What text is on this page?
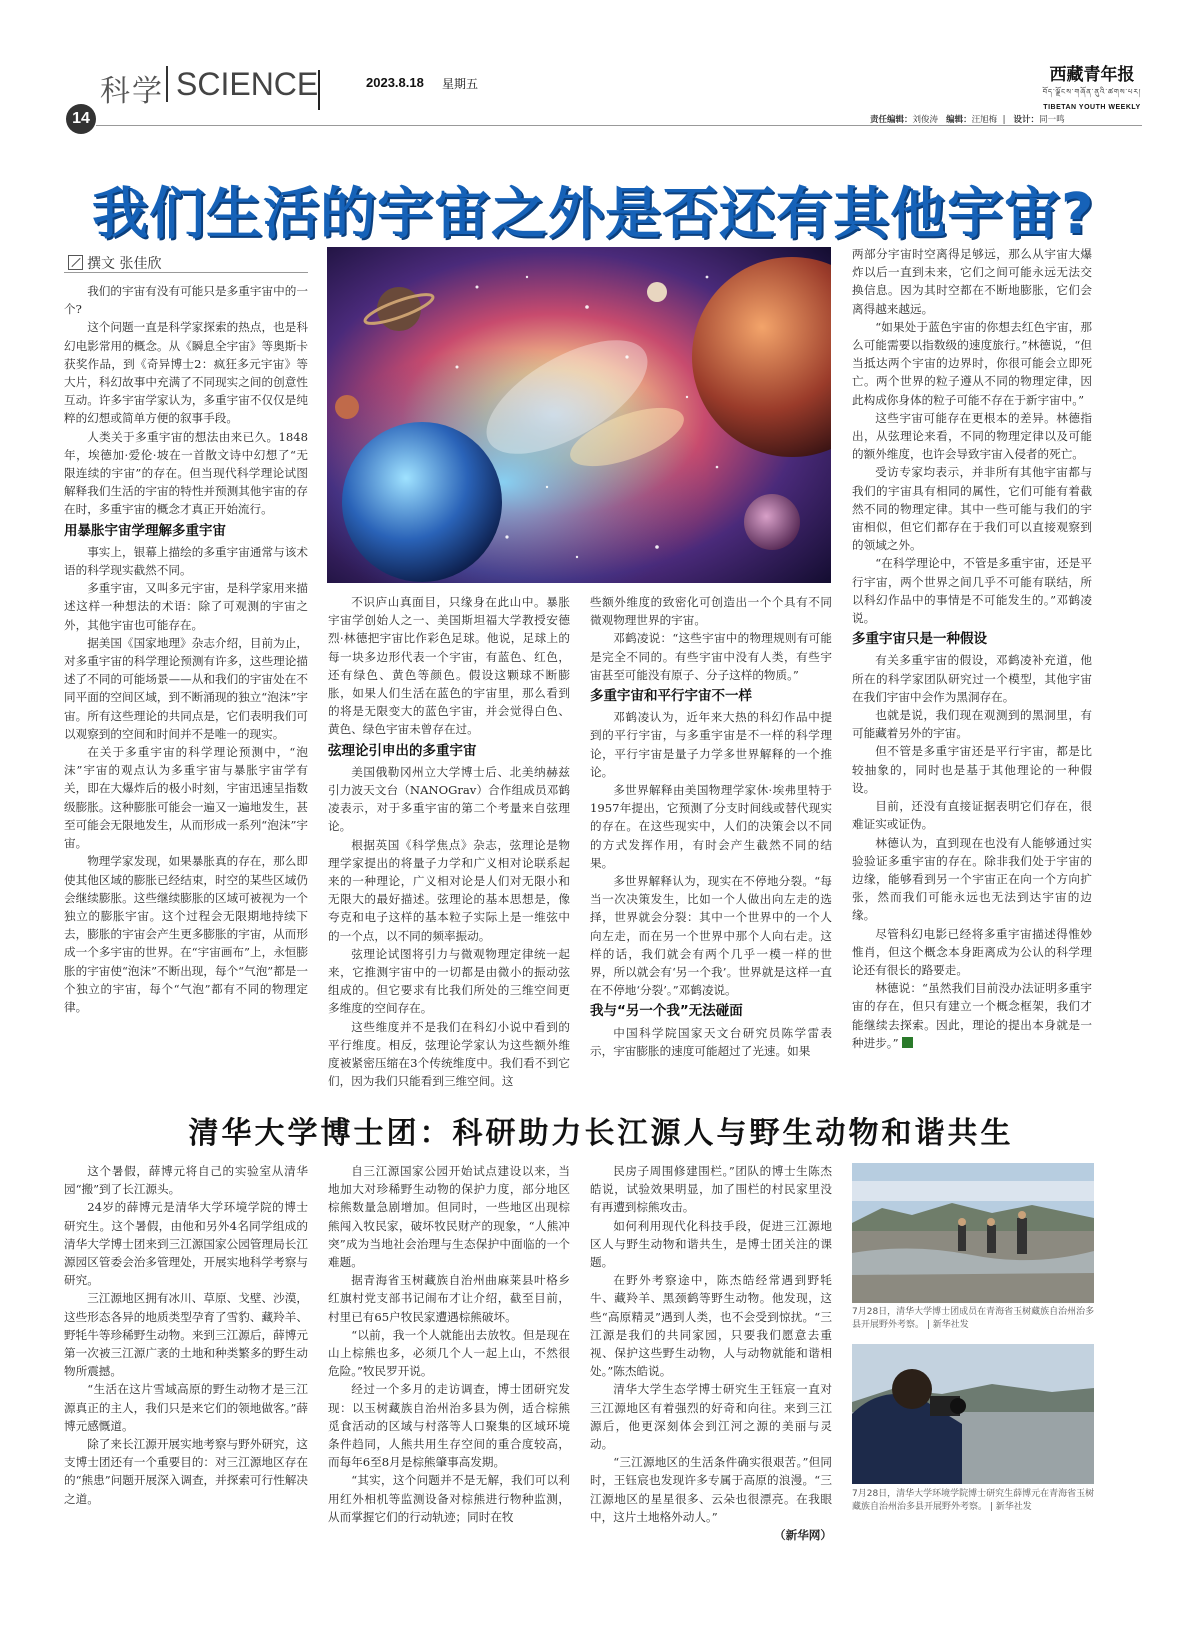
科学 SCIENCE
14
2023.8.18 星期五	西藏青年报
བོད་ལྗོངས་གཞོན་ནུའི་ཚགས་པར།
TIBETAN YOUTH WEEKLY
责任编辑：刘俊涛 编辑：汪旭梅  |   设计：同一鸣
我们生活的宇宙之外是否还有其他宇宙?
撰文 张佳欣

我们的宇宙有没有可能只是多重宇宙中的一个?

这个问题一直是科学家探索的热点，也是科幻电影常用的概念。从《瞬息全宇宙》等奥斯卡获奖作品，到《奇异博士2：疯狂多元宇宙》等大片，科幻故事中充满了不同现实之间的创意性互动。许多宇宙学家认为，多重宇宙不仅仅是纯粹的幻想或简单方便的叙事手段。

人类关于多重宇宙的想法由来已久。1848年，埃德加·爱伦·坡在一首散文诗中幻想了“无限连续的宇宙”的存在。但当现代科学理论试图解释我们生活的宇宙的特性并预测其他宇宙的存在时，多重宇宙的概念才真正开始流行。

用暴胀宇宙学理解多重宇宙

事实上，银幕上描绘的多重宇宙通常与该术语的科学现实截然不同。

多重宇宙，又叫多元宇宙，是科学家用来描述这样一种想法的术语：除了可观测的宇宙之外，其他宇宙也可能存在。

据美国《国家地理》杂志介绍，目前为止，对多重宇宙的科学理论预测有许多，这些理论描述了不同的可能场景——从和我们的宇宙处在不同平面的空间区域，到不断涌现的独立“泡沫”宇宙。所有这些理论的共同点是，它们表明我们可以观察到的空间和时间并不是唯一的现实。

在关于多重宇宙的科学理论预测中，“泡沫”宇宙的观点认为多重宇宙与暴胀宇宙学有关，即在大爆炸后的极小时刻，宇宙迅速呈指数级膨胀。这种膨胀可能会一遍又一遍地发生，甚至可能会无限地发生，从而形成一系列“泡沫”宇宙。

物理学家发现，如果暴胀真的存在，那么即使其他区域的膨胀已经结束，时空的某些区域仍会继续膨胀。这些继续膨胀的区域可被视为一个独立的膨胀宇宙。这个过程会无限期地持续下去，膨胀的宇宙会产生更多膨胀的宇宙，从而形成一个多宇宙的世界。在“宇宙画布”上，永恒膨胀的宇宙使“泡沫”不断出现，每个“气泡”都是一个独立的宇宙，每个“气泡”都有不同的物理定律。

不识庐山真面目，只缘身在此山中。暴胀宇宙学创始人之一、美国斯坦福大学教授安德烈·林德把宇宙比作彩色足球。他说，足球上的每一块多边形代表一个宇宙，有蓝色、红色，还有绿色、黄色等颜色。假设这颗球不断膨胀，如果人们生活在蓝色的宇宙里，那么看到的将是无限变大的蓝色宇宙，并会觉得白色、黄色、绿色宇宙未曾存在过。

弦理论引申出的多重宇宙

美国俄勒冈州立大学博士后、北美纳赫兹引力波天文台（NANOGrav）合作组成员邓鹤凌表示，对于多重宇宙的第二个考量来自弦理论。

根据英国《科学焦点》杂志，弦理论是物理学家提出的将量子力学和广义相对论联系起来的一种理论，广义相对论是人们对无限小和无限大的最好描述。弦理论的基本思想是，像夸克和电子这样的基本粒子实际上是一维弦中的一个点，以不同的频率振动。

弦理论试图将引力与微观物理定律统一起来，它推测宇宙中的一切都是由微小的振动弦组成的。但它要求有比我们所处的三维空间更多维度的空间存在。

这些维度并不是我们在科幻小说中看到的平行维度。相反，弦理论学家认为这些额外维度被紧密压缩在3个传统维度中。我们看不到它们，因为我们只能看到三维空间。这

些额外维度的致密化可创造出一个个具有不同微观物理世界的宇宙。

邓鹤凌说：“这些宇宙中的物理规则有可能是完全不同的。有些宇宙中没有人类，有些宇宙甚至可能没有原子、分子这样的物质。”

多重宇宙和平行宇宙不一样

邓鹤凌认为，近年来大热的科幻作品中提到的平行宇宙，与多重宇宙是不一样的科学理论，平行宇宙是量子力学多世界解释的一个推论。

多世界解释由美国物理学家休·埃弗里特于1957年提出，它预测了分支时间线或替代现实的存在。在这些现实中，人们的决策会以不同的方式发挥作用，有时会产生截然不同的结果。

多世界解释认为，现实在不停地分裂。“每当一次决策发生，比如一个人做出向左走的选择，世界就会分裂：其中一个世界中的一个人向左走，而在另一个世界中那个人向右走。这样的话，我们就会有两个几乎一模一样的世界，所以就会有‘另一个我’。世界就是这样一直在不停地‘分裂’。”邓鹤凌说。

我与“另一个我”无法碰面

中国科学院国家天文台研究员陈学雷表示，宇宙膨胀的速度可能超过了光速。如果

两部分宇宙时空离得足够远，那么从宇宙大爆炸以后一直到未来，它们之间可能永远无法交换信息。因为其时空都在不断地膨胀，它们会离得越来越远。

“如果处于蓝色宇宙的你想去红色宇宙，那么可能需要以指数级的速度旅行。”林德说，“但当抵达两个宇宙的边界时，你很可能会立即死亡。两个世界的粒子遵从不同的物理定律，因此构成你身体的粒子可能不存在于新宇宙中。”

这些宇宙可能存在更根本的差异。林德指出，从弦理论来看，不同的物理定律以及可能的额外维度，也许会导致宇宙入侵者的死亡。

受访专家均表示，并非所有其他宇宙都与我们的宇宙具有相同的属性，它们可能有着截然不同的物理定律。其中一些可能与我们的宇宙相似，但它们都存在于我们可以直接观察到的领域之外。

“在科学理论中，不管是多重宇宙，还是平行宇宙，两个世界之间几乎不可能有联结，所以科幻作品中的事情是不可能发生的。”邓鹤凌说。

多重宇宙只是一种假设

有关多重宇宙的假设，邓鹤凌补充道，他所在的科学家团队研究过一个模型，其他宇宙在我们宇宙中会作为黑洞存在。

也就是说，我们现在观测到的黑洞里，有可能藏着另外的宇宙。

但不管是多重宇宙还是平行宇宙，都是比较抽象的，同时也是基于其他理论的一种假设。

目前，还没有直接证据表明它们存在，很难证实或证伪。

林德认为，直到现在也没有人能够通过实验验证多重宇宙的存在。除非我们处于宇宙的边缘，能够看到另一个宇宙正在向一个方向扩张，然而我们可能永远也无法到达宇宙的边缘。

尽管科幻电影已经将多重宇宙描述得惟妙惟肖，但这个概念本身距离成为公认的科学理论还有很长的路要走。

林德说：“虽然我们目前没办法证明多重宇宙的存在，但只有建立一个概念框架，我们才能继续去探索。因此，理论的提出本身就是一种进步。”

清华大学博士团：科研助力长江源人与野生动物和谐共生

这个暑假，薛博元将自己的实验室从清华园“搬”到了长江源头。

24岁的薛博元是清华大学环境学院的博士研究生。这个暑假，由他和另外4名同学组成的清华大学博士团来到三江源国家公园管理局长江源园区管委会治多管理处，开展实地科学考察与研究。

三江源地区拥有冰川、草原、戈壁、沙漠，这些形态各异的地质类型孕育了雪豹、藏羚羊、野牦牛等珍稀野生动物。来到三江源后，薛博元第一次被三江源广袤的土地和种类繁多的野生动物所震撼。

“生活在这片雪域高原的野生动物才是三江源真正的主人，我们只是来它们的领地做客。”薛博元感慨道。

除了来长江源开展实地考察与野外研究，这支博士团还有一个重要目的：对三江源地区存在的“熊患”问题开展深入调查，并探索可行性解决之道。

自三江源国家公园开始试点建设以来，当地加大对珍稀野生动物的保护力度，部分地区棕熊数量急剧增加。但同时，一些地区出现棕熊闯入牧民家，破坏牧民财产的现象，“人熊冲突”成为当地社会治理与生态保护中面临的一个难题。

据青海省玉树藏族自治州曲麻莱县叶格乡红旗村党支部书记闹布才让介绍，截至目前，村里已有65户牧民家遭遇棕熊破坏。

“以前，我一个人就能出去放牧。但是现在山上棕熊也多，必须几个人一起上山，不然很危险。”牧民罗开说。

经过一个多月的走访调查，博士团研究发现：以玉树藏族自治州治多县为例，适合棕熊觅食活动的区域与村落等人口聚集的区域环境条件趋同，人熊共用生存空间的重合度较高，而每年6至8月是棕熊肇事高发期。

“其实，这个问题并不是无解，我们可以利用红外相机等监测设备对棕熊进行物种监测，从而掌握它们的行动轨迹；同时在牧

民房子周围修建围栏。”团队的博士生陈杰皓说，试验效果明显，加了围栏的村民家里没有再遭到棕熊攻击。

如何利用现代化科技手段，促进三江源地区人与野生动物和谐共生，是博士团关注的课题。

在野外考察途中，陈杰皓经常遇到野牦牛、藏羚羊、黑颈鹤等野生动物。他发现，这些“高原精灵”遇到人类，也不会受到惊扰。“三江源是我们的共同家园，只要我们愿意去重视、保护这些野生动物，人与动物就能和谐相处。”陈杰皓说。

清华大学生态学博士研究生王钰宸一直对三江源地区有着强烈的好奇和向往。来到三江源后，他更深刻体会到江河之源的美丽与灵动。

“三江源地区的生活条件确实很艰苦。”但同时，王钰宸也发现许多专属于高原的浪漫。“三江源地区的星星很多、云朵也很漂亮。在我眼中，这片土地格外动人。”

（新华网）

7月28日，清华大学博士团成员在青海省玉树藏族自治州治多县开展野外考察。 | 新华社发
7月28日，清华大学环境学院博士研究生薛博元在青海省玉树藏族自治州治多县开展野外考察。 | 新华社发
